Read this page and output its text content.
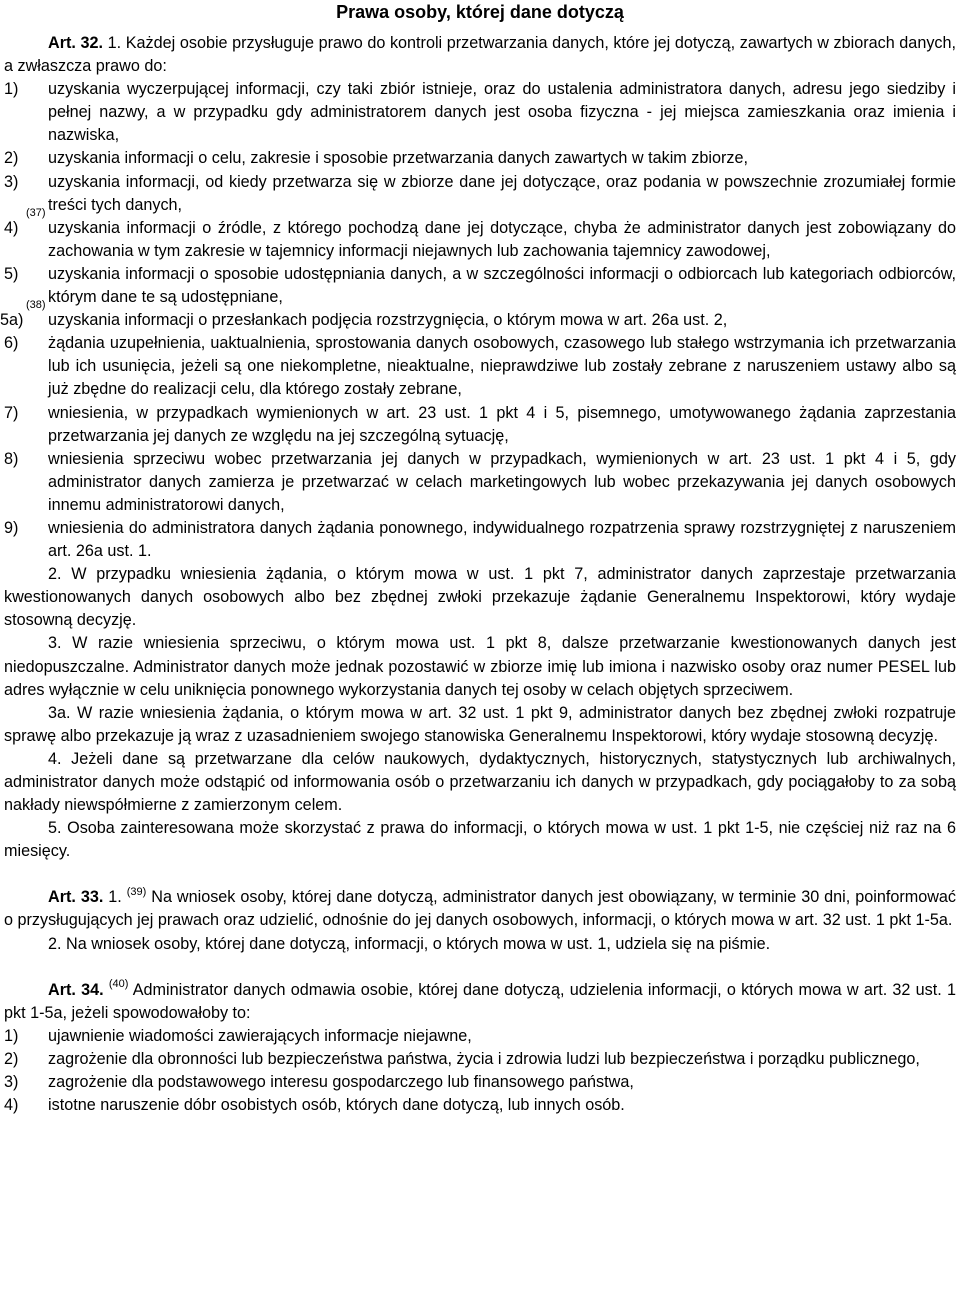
Prawa osoby, której dane dotyczą

Art. 32. 1. Każdej osobie przysługuje prawo do kontroli przetwarzania danych, które jej dotyczą, zawartych w zbiorach danych, a zwłaszcza prawo do:

1) uzyskania wyczerpującej informacji, czy taki zbiór istnieje, oraz do ustalenia administratora danych, adresu jego siedziby i pełnej nazwy, a w przypadku gdy administratorem danych jest osoba fizyczna - jej miejsca zamieszkania oraz imienia i nazwiska,
2) uzyskania informacji o celu, zakresie i sposobie przetwarzania danych zawartych w takim zbiorze,
3) uzyskania informacji, od kiedy przetwarza się w zbiorze dane jej dotyczące, oraz podania w powszechnie zrozumiałej formie treści tych danych,
4)
(37)
uzyskania informacji o źródle, z którego pochodzą dane jej dotyczące, chyba że administrator danych jest zobowiązany do zachowania w tym zakresie w tajemnicy informacji niejawnych lub zachowania tajemnicy zawodowej,
5) uzyskania informacji o sposobie udostępniania danych, a w szczególności informacji o odbiorcach lub kategoriach odbiorców, którym dane te są udostępniane,
5a)
(38)
uzyskania informacji o przesłankach podjęcia rozstrzygnięcia, o którym mowa w art. 26a ust. 2,
6) żądania uzupełnienia, uaktualnienia, sprostowania danych osobowych, czasowego lub stałego wstrzymania ich przetwarzania lub ich usunięcia, jeżeli są one niekompletne, nieaktualne, nieprawdziwe lub zostały zebrane z naruszeniem ustawy albo są już zbędne do realizacji celu, dla którego zostały zebrane,
7) wniesienia, w przypadkach wymienionych w art. 23 ust. 1 pkt 4 i 5, pisemnego, umotywowanego żądania zaprzestania przetwarzania jej danych ze względu na jej szczególną sytuację,
8) wniesienia sprzeciwu wobec przetwarzania jej danych w przypadkach, wymienionych w art. 23 ust. 1 pkt 4 i 5, gdy administrator danych zamierza je przetwarzać w celach marketingowych lub wobec przekazywania jej danych osobowych innemu administratorowi danych,
9) wniesienia do administratora danych żądania ponownego, indywidualnego rozpatrzenia sprawy rozstrzygniętej z naruszeniem art. 26a ust. 1.

2. W przypadku wniesienia żądania, o którym mowa w ust. 1 pkt 7, administrator danych zaprzestaje przetwarzania kwestionowanych danych osobowych albo bez zbędnej zwłoki przekazuje żądanie Generalnemu Inspektorowi, który wydaje stosowną decyzję.

3. W razie wniesienia sprzeciwu, o którym mowa ust. 1 pkt 8, dalsze przetwarzanie kwestionowanych danych jest niedopuszczalne. Administrator danych może jednak pozostawić w zbiorze imię lub imiona i nazwisko osoby oraz numer PESEL lub adres wyłącznie w celu uniknięcia ponownego wykorzystania danych tej osoby w celach objętych sprzeciwem.

3a. W razie wniesienia żądania, o którym mowa w art. 32 ust. 1 pkt 9, administrator danych bez zbędnej zwłoki rozpatruje sprawę albo przekazuje ją wraz z uzasadnieniem swojego stanowiska Generalnemu Inspektorowi, który wydaje stosowną decyzję.

4. Jeżeli dane są przetwarzane dla celów naukowych, dydaktycznych, historycznych, statystycznych lub archiwalnych, administrator danych może odstąpić od informowania osób o przetwarzaniu ich danych w przypadkach, gdy pociągałoby to za sobą nakłady niewspółmierne z zamierzonym celem.

5. Osoba zainteresowana może skorzystać z prawa do informacji, o których mowa w ust. 1 pkt 1-5, nie częściej niż raz na 6 miesięcy.

Art. 33. 1. $^{(39)}$ Na wniosek osoby, której dane dotyczą, administrator danych jest obowiązany, w terminie 30 dni, poinformować o przysługujących jej prawach oraz udzielić, odnośnie do jej danych osobowych, informacji, o których mowa w art. 32 ust. 1 pkt 1-5a.

2. Na wniosek osoby, której dane dotyczą, informacji, o których mowa w ust. 1, udziela się na piśmie.

Art. 34. $^{(40)}$ Administrator danych odmawia osobie, której dane dotyczą, udzielenia informacji, o których mowa w art. 32 ust. 1 pkt 1-5a, jeżeli spowodowałoby to:

1) ujawnienie wiadomości zawierających informacje niejawne,
2) zagrożenie dla obronności lub bezpieczeństwa państwa, życia i zdrowia ludzi lub bezpieczeństwa i porządku publicznego,
3) zagrożenie dla podstawowego interesu gospodarczego lub finansowego państwa,
4) istotne naruszenie dóbr osobistych osób, których dane dotyczą, lub innych osób.
